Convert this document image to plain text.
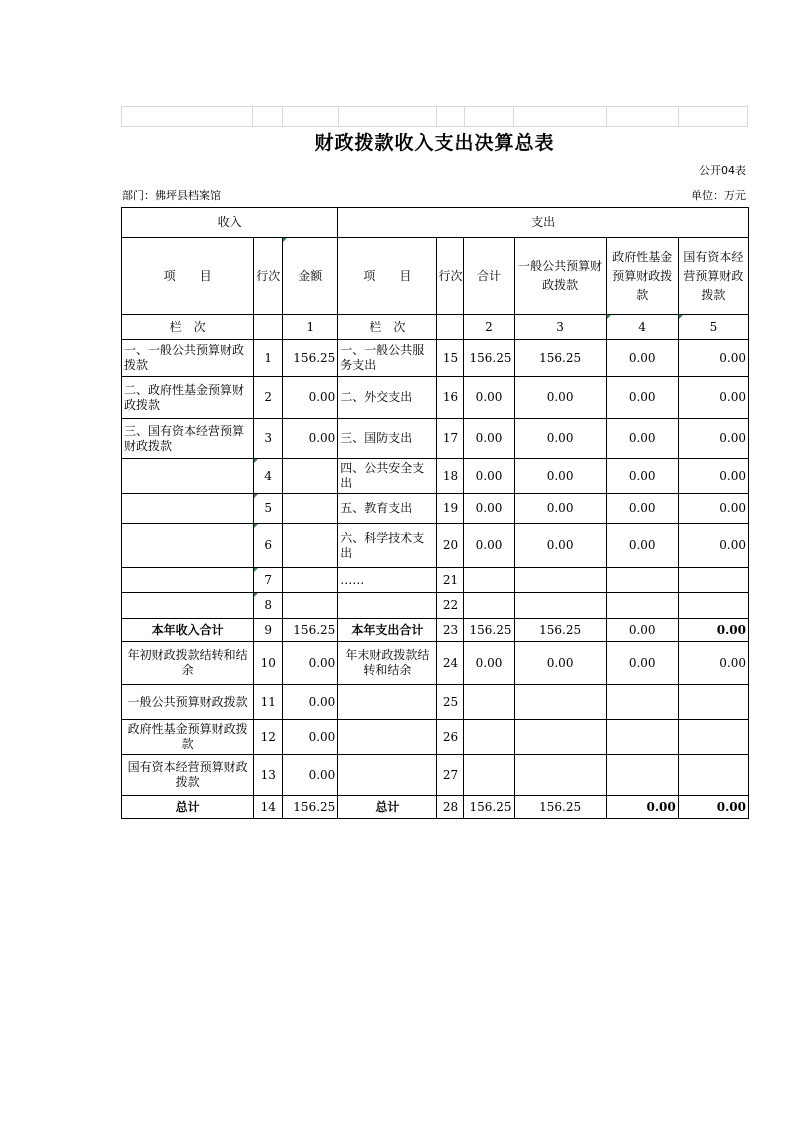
财政拨款收入支出决算总表
公开04表
部门：佛坪县档案馆	单位：万元
收入			支出					
项　　目	行次	金额	项　　目	行次	合计	一般公共预算财政拨款	政府性基金预算财政拨款	国有资本经营预算财政拨款
栏　次		1	栏　次		2	3	4	5
一、一般公共预算财政拨款	1	156.25	一、一般公共服务支出	15	156.25	156.25	0.00	0.00
二、政府性基金预算财政拨款	2	0.00	二、外交支出	16	0.00	0.00	0.00	0.00
三、国有资本经营预算财政拨款	3	0.00	三、国防支出	17	0.00	0.00	0.00	0.00
	4		四、公共安全支出	18	0.00	0.00	0.00	0.00
	5		五、教育支出	19	0.00	0.00	0.00	0.00
	6		六、科学技术支出	20	0.00	0.00	0.00	0.00
	7		……	21				
	8			22				
本年收入合计	9	156.25	本年支出合计	23	156.25	156.25	0.00	0.00
年初财政拨款结转和结余	10	0.00	年末财政拨款结转和结余	24	0.00	0.00	0.00	0.00
一般公共预算财政拨款	11	0.00		25				
政府性基金预算财政拨款	12	0.00		26				
国有资本经营预算财政拨款	13	0.00		27				
总计	14	156.25	总计	28	156.25	156.25	0.00	0.00
